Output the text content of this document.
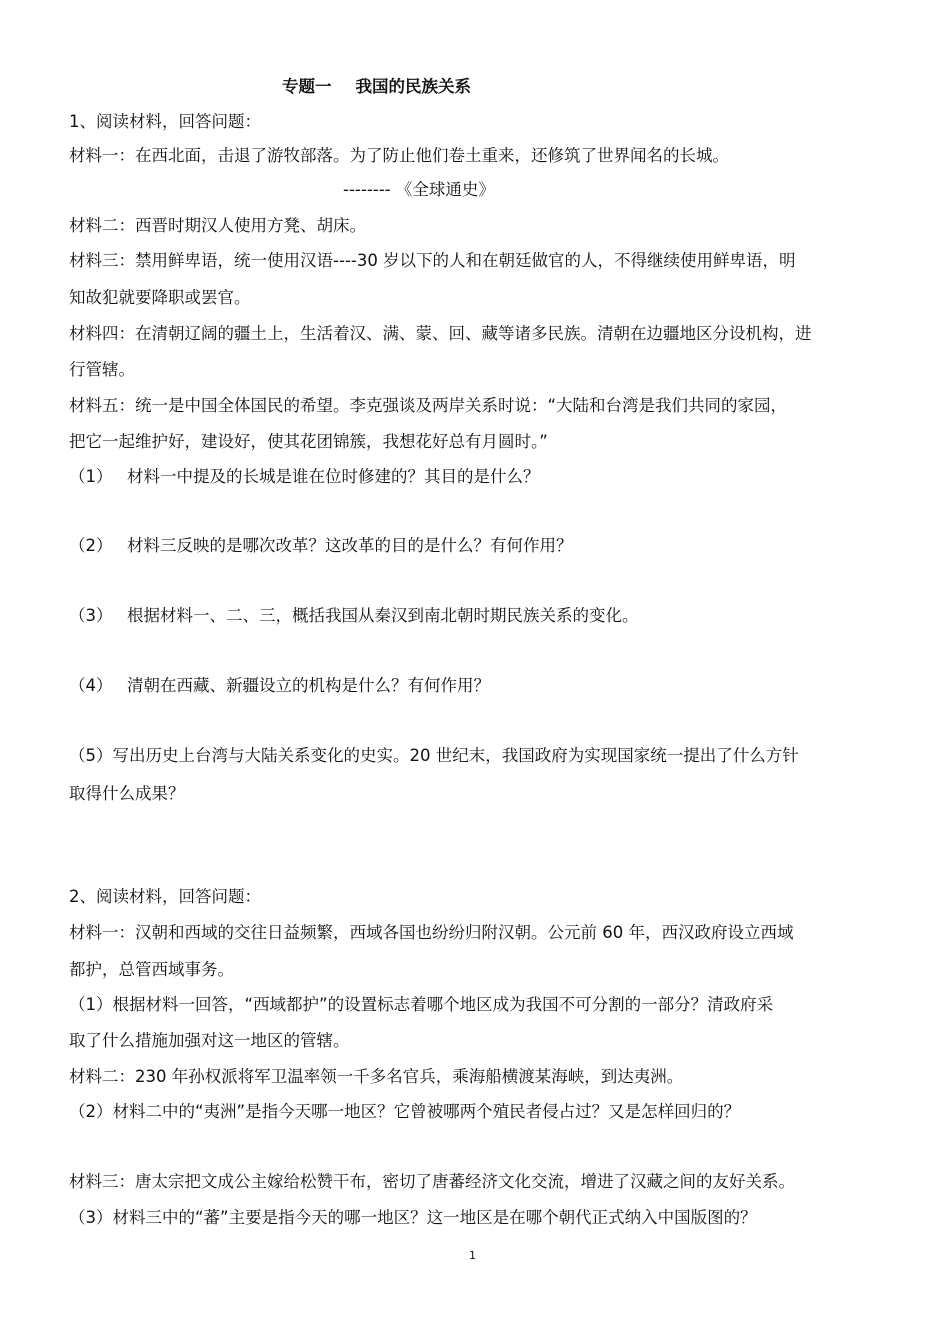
专题一 我国的民族关系
1、阅读材料，回答问题：
材料一：在西北面，击退了游牧部落。为了防止他们卷土重来，还修筑了世界闻名的长城。
-------- 《全球通史》
材料二：西晋时期汉人使用方凳、胡床。
材料三：禁用鲜卑语，统一使用汉语----30 岁以下的人和在朝廷做官的人，不得继续使用鲜卑语，明
知故犯就要降职或罢官。
材料四：在清朝辽阔的疆土上，生活着汉、满、蒙、回、藏等诸多民族。清朝在边疆地区分设机构，进
行管辖。
材料五：统一是中国全体国民的希望。李克强谈及两岸关系时说：“大陆和台湾是我们共同的家园，
把它一起维护好，建设好，使其花团锦簇，我想花好总有月圆时。”
（1） 材料一中提及的长城是谁在位时修建的？其目的是什么？
（2） 材料三反映的是哪次改革？这改革的目的是什么？有何作用？
（3） 根据材料一、二、三，概括我国从秦汉到南北朝时期民族关系的变化。
（4） 清朝在西藏、新疆设立的机构是什么？有何作用？
（5）写出历史上台湾与大陆关系变化的史实。20 世纪末，我国政府为实现国家统一提出了什么方针
取得什么成果？
2、阅读材料，回答问题：
材料一：汉朝和西域的交往日益频繁，西域各国也纷纷归附汉朝。公元前 60 年，西汉政府设立西域
都护，总管西域事务。
（1）根据材料一回答，“西域都护”的设置标志着哪个地区成为我国不可分割的一部分？清政府采
取了什么措施加强对这一地区的管辖。
材料二：230 年孙权派将军卫温率领一千多名官兵，乘海船横渡某海峡，到达夷洲。
（2）材料二中的“夷洲”是指今天哪一地区？它曾被哪两个殖民者侵占过？又是怎样回归的？
材料三：唐太宗把文成公主嫁给松赞干布，密切了唐蕃经济文化交流，增进了汉藏之间的友好关系。
（3）材料三中的“蕃”主要是指今天的哪一地区？这一地区是在哪个朝代正式纳入中国版图的？
1
